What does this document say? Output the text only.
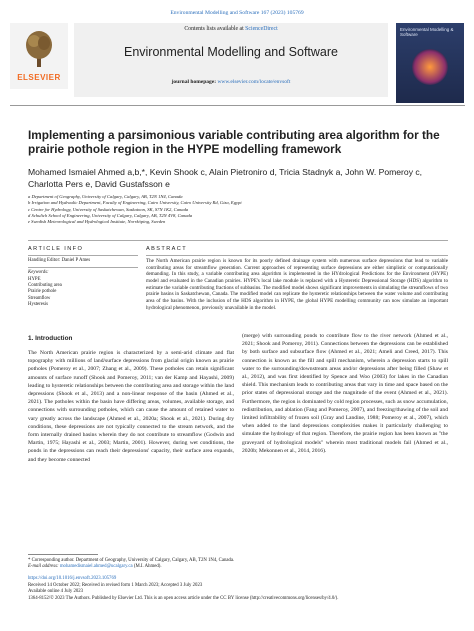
Environmental Modelling and Software 167 (2023) 105769
ELSEVIER
Contents lists available at ScienceDirect
Environmental Modelling and Software
journal homepage: www.elsevier.com/locate/envsoft
Environmental Modelling & Software
Implementing a parsimonious variable contributing area algorithm for the prairie pothole region in the HYPE modelling framework
Mohamed Ismaiel Ahmed a,b,*, Kevin Shook c, Alain Pietroniro d, Tricia Stadnyk a, John W. Pomeroy c, Charlotta Pers e, David Gustafsson e
a Department of Geography, University of Calgary, Calgary, AB, T2N 1N4, Canada
b Irrigation and Hydraulic Department, Faculty of Engineering, Cairo University, Cairo University Rd, Giza, Egypt
c Centre for Hydrology, University of Saskatchewan, Saskatoon, SK, S7N 1K2, Canada
d Schulich School of Engineering, University of Calgary, Calgary, AB, T2N 4V8, Canada
e Swedish Meteorological and Hydrological Institute, Norrköping, Sweden
ARTICLE INFO
Handling Editor: Daniel P Ames
Keywords:
HYPE
Contributing area
Prairie pothole
Streamflow
Hysteresis
ABSTRACT
The North American prairie region is known for its poorly defined drainage system with numerous surface depressions that lead to variable contributing areas for streamflow generation. Current approaches of representing surface depressions are either simplistic or computationally demanding. In this study, a variable contributing area algorithm is implemented in the HYdrological Predictions for the Environment (HYPE) model and evaluated in the Canadian prairies. HYPE's local lake module is replaced with a Hysteretic Depressional Storage (HDS) algorithm to estimate the variable contributing fractions of subbasins. The modified model shows significant improvements in simulating the streamflows of two prairie basins in Saskatchewan, Canada. The modified model can replicate the hysteretic relationships between the water volume and contributing area of the basins. With the inclusion of the HDS algorithm in HYPE, the global HYPE modelling community can now simulate an important hydrological phenomenon, previously unavailable in the model.
1. Introduction
The North American prairie region is characterized by a semi-arid climate and flat topography with millions of land/surface depressions from glacial origin known as prairie potholes (Pomeroy et al., 2007; Zhang et al., 2009). These potholes can retain significant amounts of surface runoff (Shook and Pomeroy, 2011; van der Kamp and Hayashi, 2009) leading to hysteretic relationships between the contributing area and storage within the land depressions (Shook et al., 2013) and a non-linear response of the basin (Ahmed et al., 2021). The potholes within the basin have differing areas, volumes, available storage, and connections with surrounding potholes, which can cause the amount of retained water to vary greatly across the landscape (Ahmed et al., 2020a; Shook et al., 2021). During dry conditions, these depressions are not typically connected to the stream network, and the form internally drained basins wherein they do not contribute to streamflow (Godwin and Martin, 1975; Hayashi et al., 2003; Martin, 2001). However, during wet conditions, the ponds in the depressions can reach their depressions' capacity, their surface area expands, and they become connected
(merge) with surrounding ponds to contribute flow to the river network (Ahmed et al., 2021; Shook and Pomeroy, 2011). Connections between the depressions can be established by both surface and subsurface flow (Ahmed et al., 2021; Ameli and Creed, 2017). This connection is known as the fill and spill mechanism, wherein a depression starts to spill water to the surrounding/downstream areas and/or depressions after being filled (Shaw et al., 2012), and was first identified by Spence and Woo (2003) for lakes in the Canadian shield. This mechanism leads to contributing areas that vary in time and space based on the prior states of depressional storage and the magnitude of the event (Ahmed et al., 2021). Furthermore, the region is dominated by cold region processes, such as snow accumulation, redistribution, and ablation (Fang and Pomeroy, 2007), and freezing/thawing of the soil and limited infiltrability of frozen soil (Gray and Landine, 1988; Pomeroy et al., 2007), which when added to the land depressions complexities makes it particularly challenging to simulate the hydrology of that region. Therefore, the prairie region has been known as "the graveyard of hydrological models" wherein most traditional models fail (Ahmed et al., 2020b; Mekonnen et al., 2014, 2016).
* Corresponding author. Department of Geography, University of Calgary, Calgary, AB, T2N 1N4, Canada.
E-mail address: mohamedismaiel.ahmed@ucalgary.ca (M.I. Ahmed).
https://doi.org/10.1016/j.envsoft.2023.105769
Received 14 October 2022; Received in revised form 1 March 2023; Accepted 3 July 2023
Available online 4 July 2023
1364-8152/© 2023 The Authors. Published by Elsevier Ltd. This is an open access article under the CC BY license (http://creativecommons.org/licenses/by/4.0/).
